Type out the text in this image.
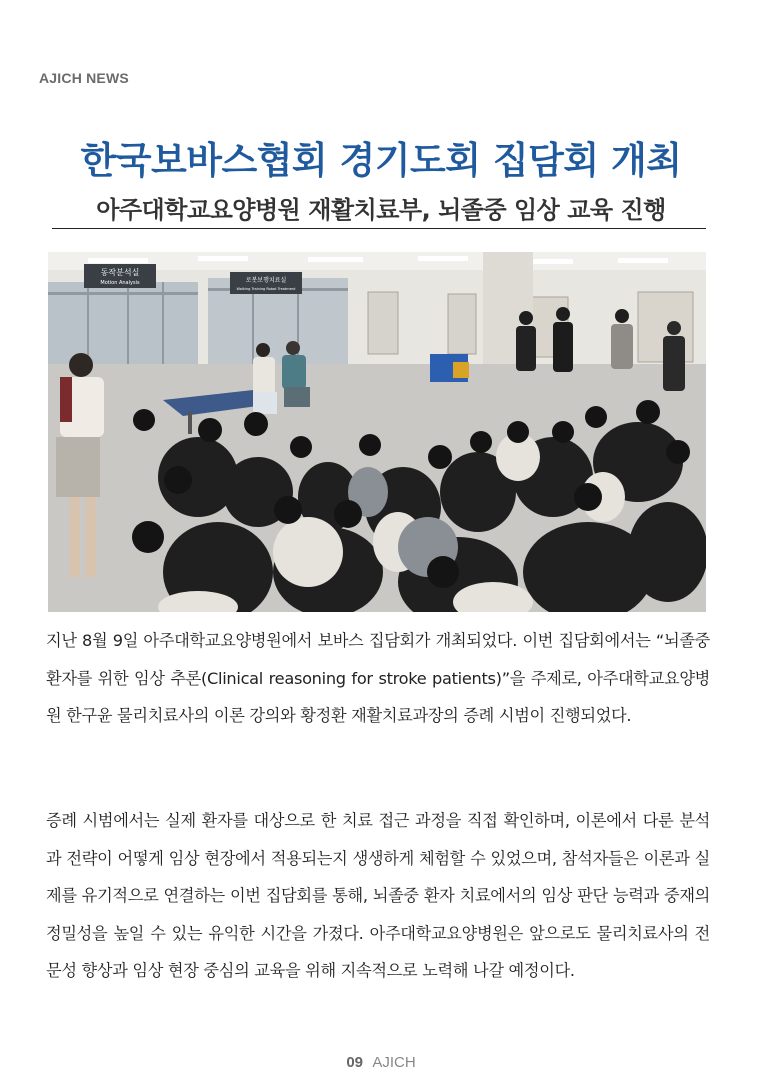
AJICH NEWS
한국보바스협회 경기도회 집담회 개최
아주대학교요양병원 재활치료부, 뇌졸중 임상 교육 진행
동작분석실
Motion Analysis	로봇보행치료실
Walking Training Robot Treatment
지난 8월 9일 아주대학교요양병원에서 보바스 집담회가 개최되었다. 이번 집담회에서는 “뇌졸중 환자를 위한 임상 추론(Clinical reasoning for stroke patients)”을 주제로, 아주대학교요양병원 한구윤 물리치료사의 이론 강의와 황정환 재활치료과장의 증례 시범이 진행되었다.
증례 시범에서는 실제 환자를 대상으로 한 치료 접근 과정을 직접 확인하며, 이론에서 다룬 분석과 전략이 어떻게 임상 현장에서 적용되는지 생생하게 체험할 수 있었으며, 참석자들은 이론과 실제를 유기적으로 연결하는 이번 집담회를 통해, 뇌졸중 환자 치료에서의 임상 판단 능력과 중재의 정밀성을 높일 수 있는 유익한 시간을 가졌다. 아주대학교요양병원은 앞으로도 물리치료사의 전문성 향상과 임상 현장 중심의 교육을 위해 지속적으로 노력해 나갈 예정이다.
09 AJICH
